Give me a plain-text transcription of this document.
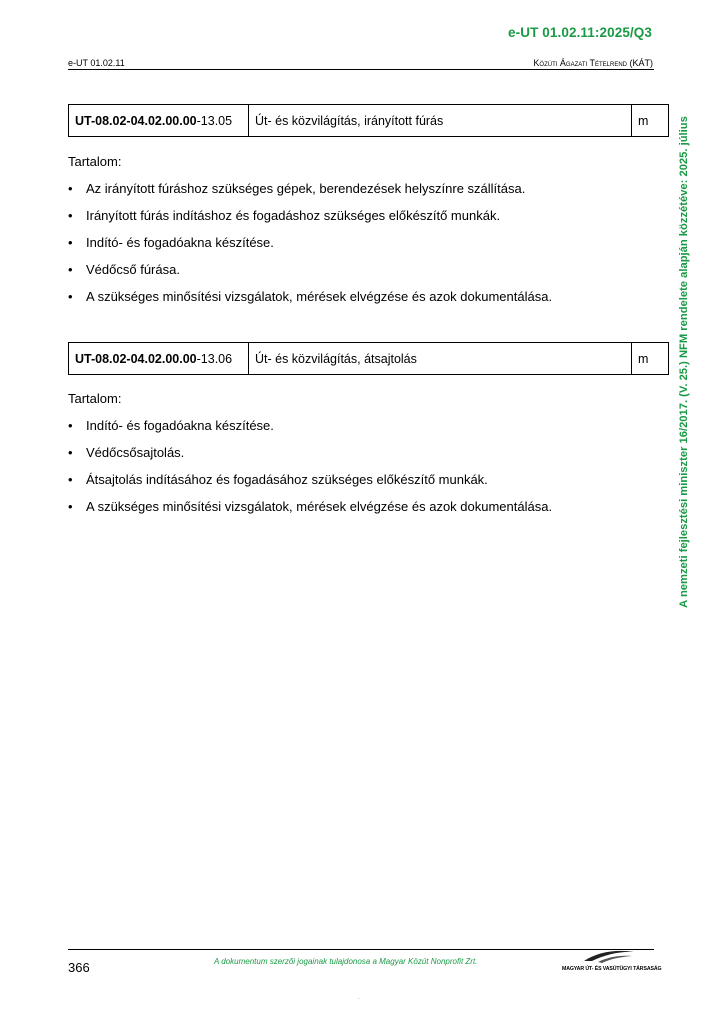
e-UT 01.02.11:2025/Q3
e-UT 01.02.11	Közúti Ágazati Tételrend (KÁT)
A nemzeti fejlesztési miniszter 16/2017. (V. 25.) NFM rendelete alapján közzétéve: 2025. július
UT-08.02-04.02.00.00 -13.05	Út- és közvilágítás, irányított fúrás	m
Tartalom:
•	Az irányított fúráshoz szükséges gépek, berendezések helyszínre szállítása.
•	Irányított fúrás indításhoz és fogadáshoz szükséges előkészítő munkák.
•	Indító- és fogadóakna készítése.
•	Védőcső fúrása.
•	A szükséges minősítési vizsgálatok, mérések elvégzése és azok dokumentálása.
UT-08.02-04.02.00.00 -13.06	Út- és közvilágítás, átsajtolás	m
Tartalom:
•	Indító- és fogadóakna készítése.
•	Védőcsősajtolás.
•	Átsajtolás indításához és fogadásához szükséges előkészítő munkák.
•	A szükséges minősítési vizsgálatok, mérések elvégzése és azok dokumentálása.
366	A dokumentum szerzői jogainak tulajdonosa a Magyar Közút Nonprofit Zrt.
MAGYAR ÚT- ÉS VASÚTÜGYI TÁRSASÁG
.
